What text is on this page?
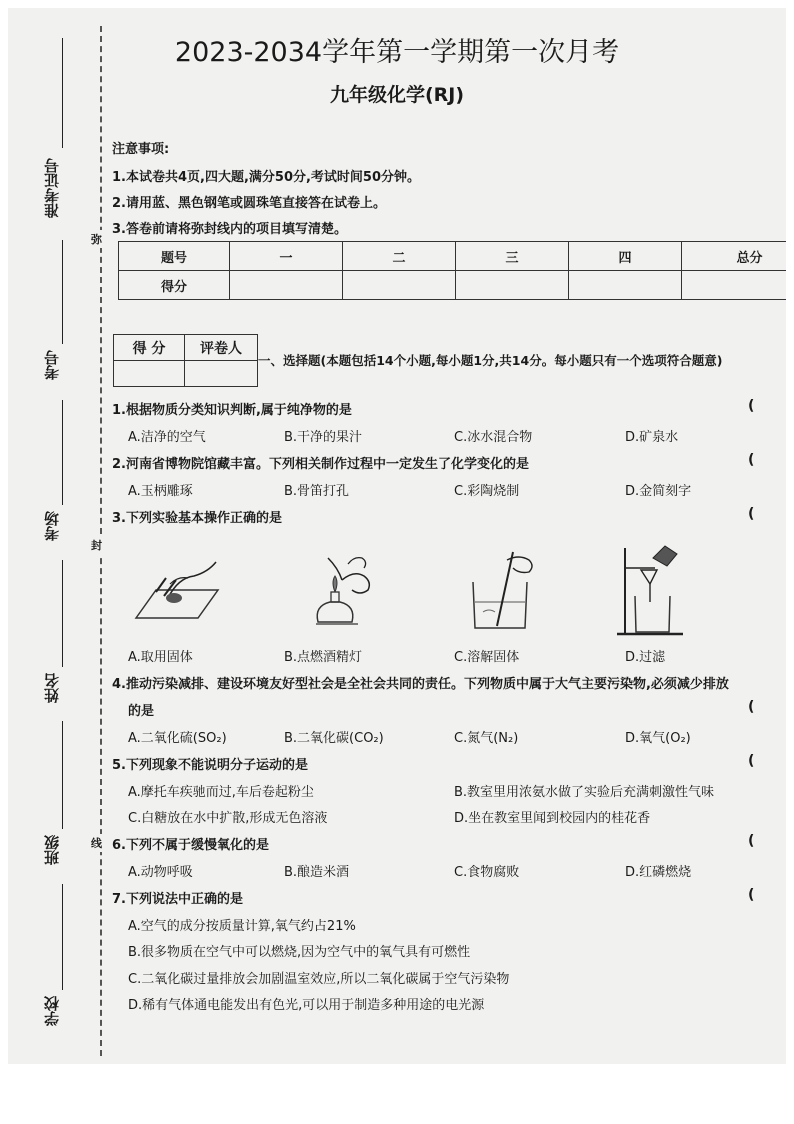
准考证号
考号
考场
姓名
班级
学校
弥
封
线
2023-2034学年第一学期第一次月考
九年级化学(RJ)
注意事项:
1.本试卷共4页,四大题,满分50分,考试时间50分钟。
2.请用蓝、黑色钢笔或圆珠笔直接答在试卷上。
3.答卷前请将弥封线内的项目填写清楚。
题号	一	二	三	四	总分
得分					
得 分	评卷人

一、选择题(本题包括14个小题,每小题1分,共14分。每小题只有一个选项符合题意)
1.根据物质分类知识判断,属于纯净物的是	(
A.洁净的空气	B.干净的果汁	C.冰水混合物	D.矿泉水
2.河南省博物院馆藏丰富。下列相关制作过程中一定发生了化学变化的是	(
A.玉柄雕琢	B.骨笛打孔	C.彩陶烧制	D.金简刻字
3.下列实验基本操作正确的是	(
A.取用固体	B.点燃酒精灯	C.溶解固体	D.过滤
4.推动污染减排、建设环境友好型社会是全社会共同的责任。下列物质中属于大气主要污染物,必须减少排放
的是	(
A.二氧化硫(SO₂)	B.二氧化碳(CO₂)	C.氮气(N₂)	D.氧气(O₂)
5.下列现象不能说明分子运动的是	(
A.摩托车疾驰而过,车后卷起粉尘	B.教室里用浓氨水做了实验后充满刺激性气味
C.白糖放在水中扩散,形成无色溶液	D.坐在教室里闻到校园内的桂花香
6.下列不属于缓慢氧化的是	(
A.动物呼吸	B.酿造米酒	C.食物腐败	D.红磷燃烧
7.下列说法中正确的是	(
A.空气的成分按质量计算,氧气约占21%
B.很多物质在空气中可以燃烧,因为空气中的氧气具有可燃性
C.二氧化碳过量排放会加剧温室效应,所以二氧化碳属于空气污染物
D.稀有气体通电能发出有色光,可以用于制造多种用途的电光源
